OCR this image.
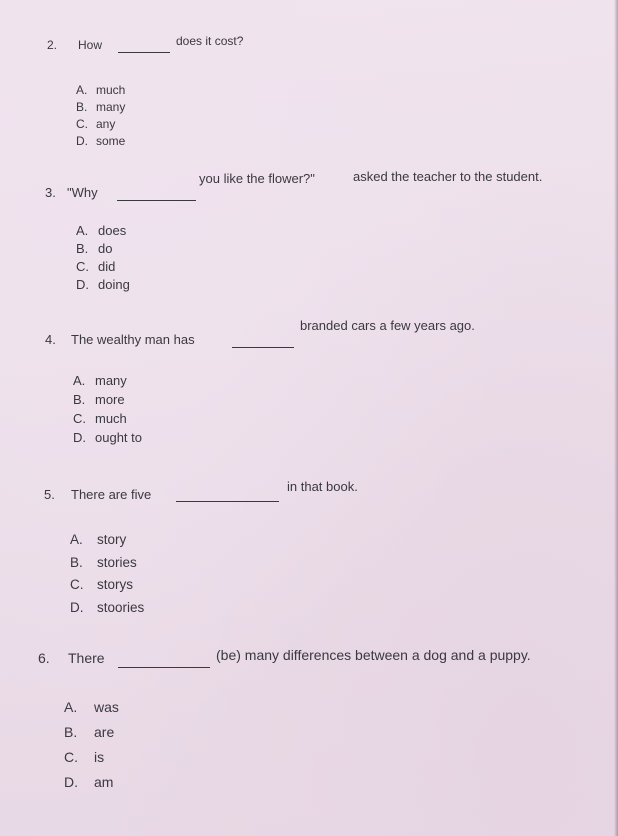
2. How	does it cost?
A. much
B. many
C. any
D. some
3. "Why
you like the flower?"	asked the teacher to the student.
A. does
B. do
C. did
D. doing
4. The wealthy man has
branded cars a few years ago.
A. many
B. more
C. much
D. ought to
5. There are five
in that book.
A. story
B. stories
C. storys
D. stoories
6. There	(be) many differences between a dog and a puppy.
A. was
B. are
C. is
D. am
